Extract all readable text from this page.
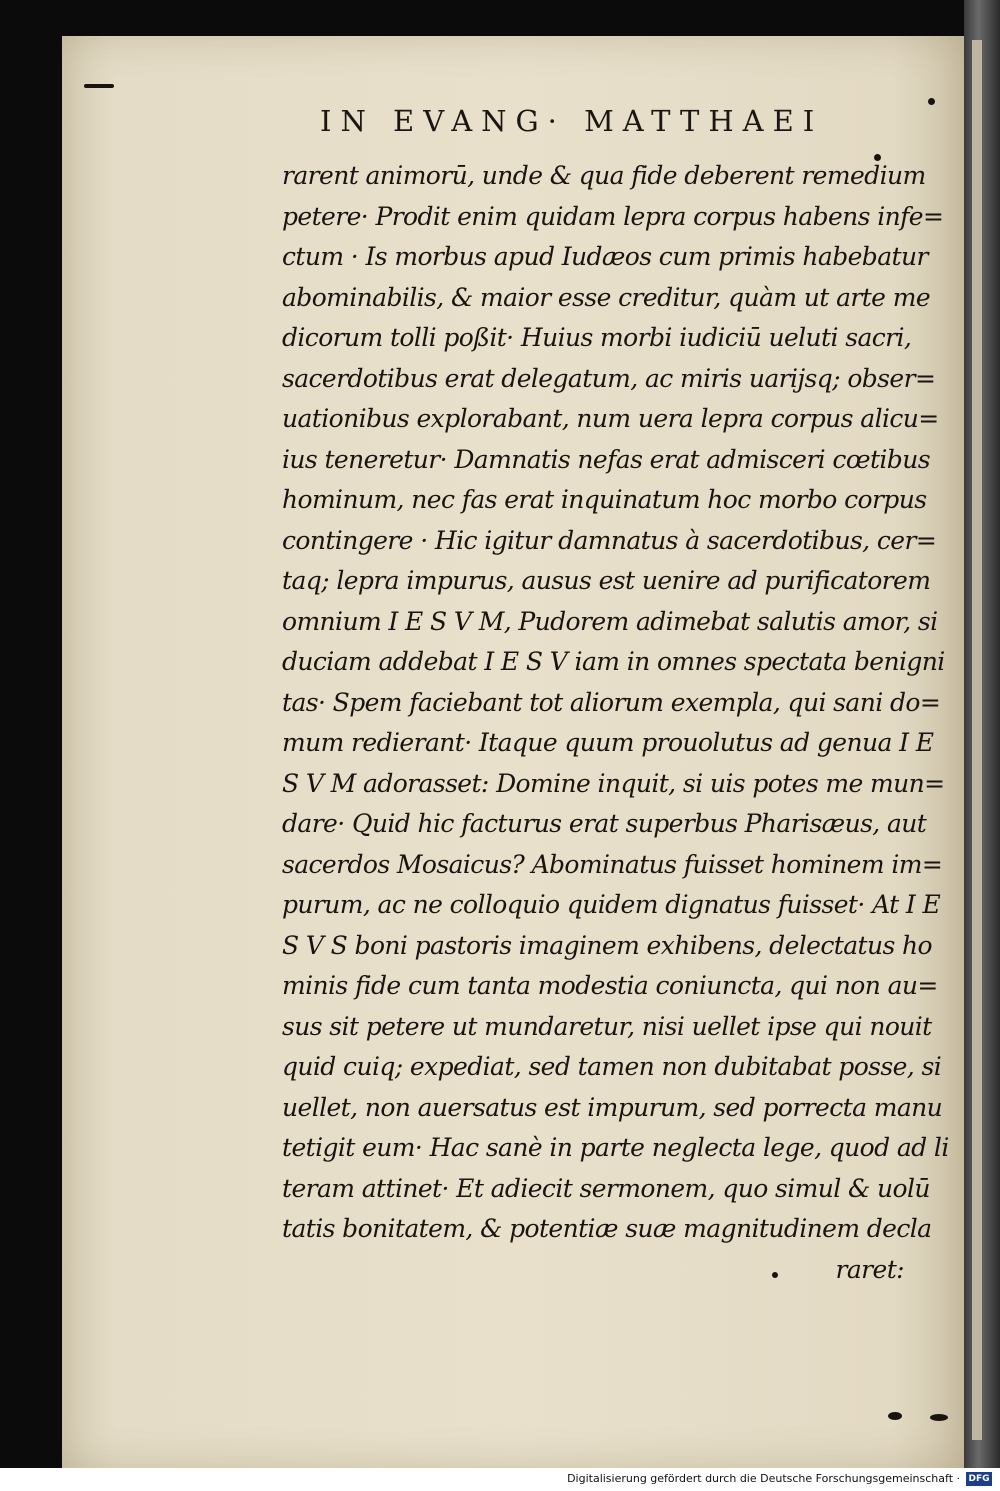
IN EVANG· MATTHAEI
rarent animorū, unde & qua fide deberent remedium
petere· Prodit enim quidam lepra corpus habens infe=
ctum · Is morbus apud Iudæos cum primis habebatur
abominabilis, & maior esse creditur, quàm ut arte me
dicorum tolli poßit· Huius morbi iudiciū ueluti sacri,
sacerdotibus erat delegatum, ac miris uarijsq; obser=
uationibus explorabant, num uera lepra corpus alicu=
ius teneretur· Damnatis nefas erat admisceri cœtibus
hominum, nec fas erat inquinatum hoc morbo corpus
contingere · Hic igitur damnatus à sacerdotibus, cer=
taq; lepra impurus, ausus est uenire ad purificatorem
omnium I E S V M, Pudorem adimebat salutis amor, si
duciam addebat I E S V iam in omnes spectata benigni
tas· Spem faciebant tot aliorum exempla, qui sani do=
mum redierant· Itaque quum prouolutus ad genua I E
S V M adorasset: Domine inquit, si uis potes me mun=
dare· Quid hic facturus erat superbus Pharisæus, aut
sacerdos Mosaicus? Abominatus fuisset hominem im=
purum, ac ne colloquio quidem dignatus fuisset· At I E
S V S boni pastoris imaginem exhibens, delectatus ho
minis fide cum tanta modestia coniuncta, qui non au=
sus sit petere ut mundaretur, nisi uellet ipse qui nouit
quid cuiq; expediat, sed tamen non dubitabat posse, si
uellet, non auersatus est impurum, sed porrecta manu
tetigit eum· Hac sanè in parte neglecta lege, quod ad li
teram attinet· Et adiecit sermonem, quo simul & uolū
tatis bonitatem, & potentiæ suæ magnitudinem decla
raret:
Digitalisierung gefördert durch die Deutsche Forschungsgemeinschaft · DFG
